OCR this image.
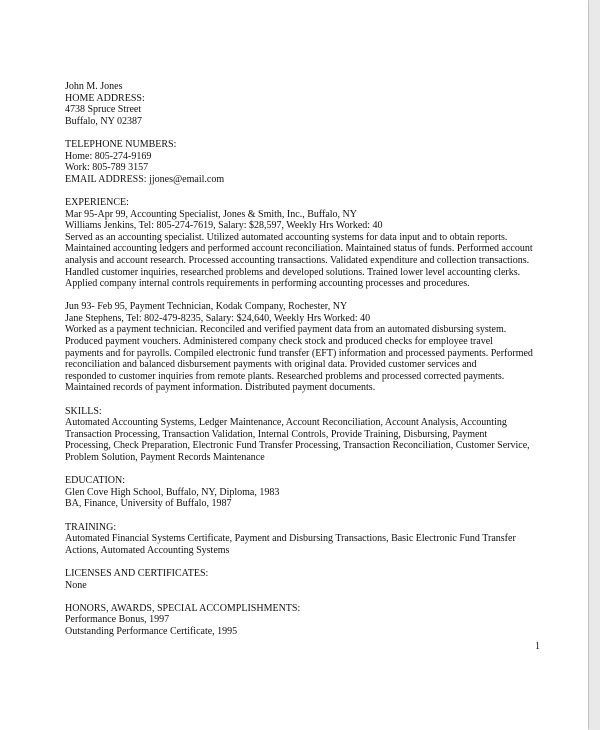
John M. Jones
HOME ADDRESS:
4738 Spruce Street
Buffalo, NY 02387
TELEPHONE NUMBERS:
Home: 805-274-9169
Work: 805-789 3157
EMAIL ADDRESS: jjones@email.com
EXPERIENCE:
Mar 95-Apr 99, Accounting Specialist, Jones & Smith, Inc., Buffalo, NY
Williams Jenkins, Tel: 805-274-7619, Salary: $28,597, Weekly Hrs Worked: 40
Served as an accounting specialist. Utilized automated accounting systems for data input and to obtain reports.
Maintained accounting ledgers and performed account reconciliation. Maintained status of funds. Performed account
analysis and account research. Processed accounting transactions. Validated expenditure and collection transactions.
Handled customer inquiries, researched problems and developed solutions. Trained lower level accounting clerks.
Applied company internal controls requirements in performing accounting processes and procedures.
Jun 93- Feb 95, Payment Technician, Kodak Company, Rochester, NY
Jane Stephens, Tel: 802-479-8235, Salary: $24,640, Weekly Hrs Worked: 40
Worked as a payment technician. Reconciled and verified payment data from an automated disbursing system.
Produced payment vouchers. Administered company check stock and produced checks for employee travel
payments and for payrolls. Compiled electronic fund transfer (EFT) information and processed payments. Performed
reconciliation and balanced disbursement payments with original data. Provided customer services and
responded to customer inquiries from remote plants. Researched problems and processed corrected payments.
Maintained records of payment information. Distributed payment documents.
SKILLS:
Automated Accounting Systems, Ledger Maintenance, Account Reconciliation, Account Analysis, Accounting
Transaction Processing, Transaction Validation, Internal Controls, Provide Training, Disbursing, Payment
Processing, Check Preparation, Electronic Fund Transfer Processing, Transaction Reconciliation, Customer Service,
Problem Solution, Payment Records Maintenance
EDUCATION:
Glen Cove High School, Buffalo, NY, Diploma, 1983
BA, Finance, University of Buffalo, 1987
TRAINING:
Automated Financial Systems Certificate, Payment and Disbursing Transactions, Basic Electronic Fund Transfer
Actions, Automated Accounting Systems
LICENSES AND CERTIFICATES:
None
HONORS, AWARDS, SPECIAL ACCOMPLISHMENTS:
Performance Bonus, 1997
Outstanding Performance Certificate, 1995
1
